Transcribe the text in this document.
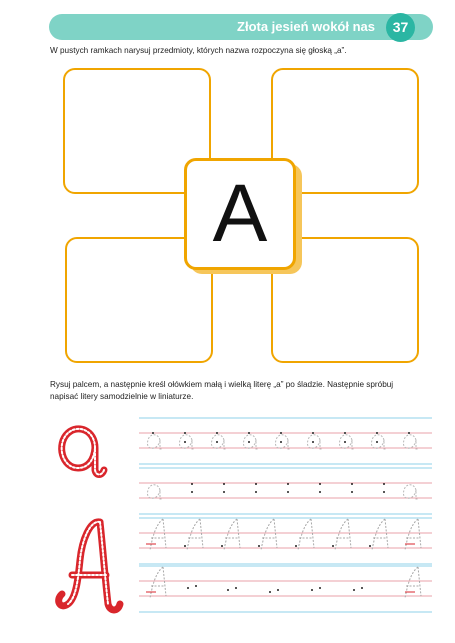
Złota jesień wokół nas	37
W pustych ramkach narysuj przedmioty, których nazwa rozpoczyna się głoską „a”.
A
Rysuj palcem, a następnie kreśl ołówkiem małą i wielką literę „a” po śladzie. Następnie spróbuj napisać litery samodzielnie w liniaturze.
